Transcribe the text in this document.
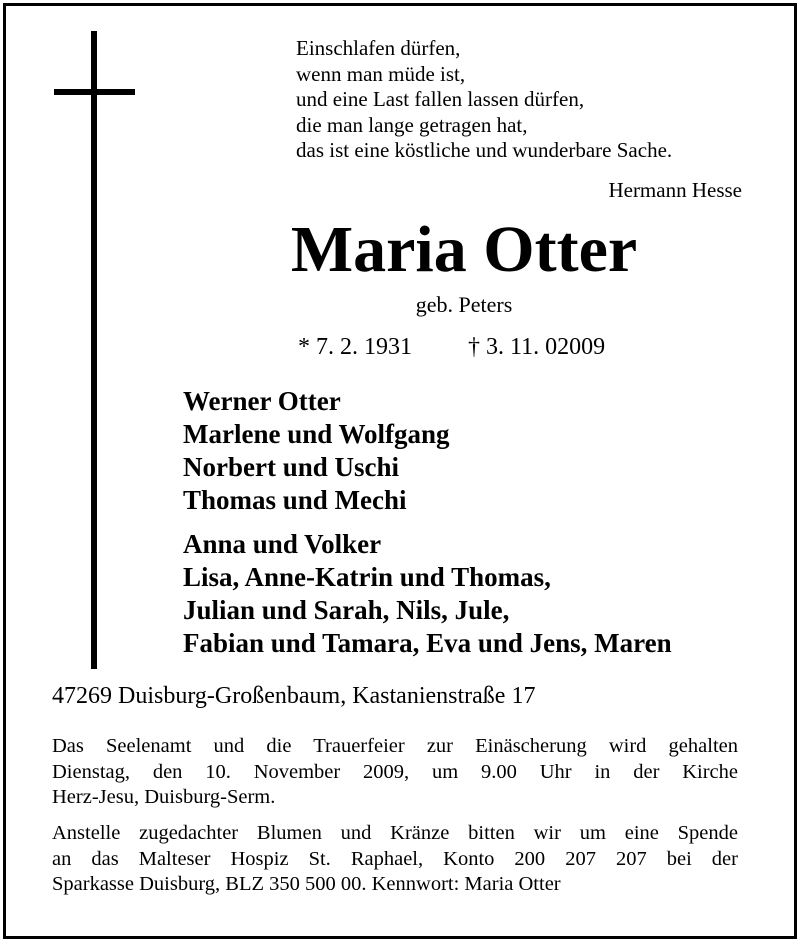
Einschlafen dürfen,
wenn man müde ist,
und eine Last fallen lassen dürfen,
die man lange getragen hat,
das ist eine köstliche und wunderbare Sache.
Hermann Hesse
Maria Otter
geb. Peters
* 7. 2. 1931 † 3. 11. 02009
Werner Otter
Marlene und Wolfgang
Norbert und Uschi
Thomas und Mechi
Anna und Volker
Lisa, Anne-Katrin und Thomas,
Julian und Sarah, Nils, Jule,
Fabian und Tamara, Eva und Jens, Maren
47269 Duisburg-Großenbaum, Kastanienstraße 17
Das Seelenamt und die Trauerfeier zur Einäscherung wird gehalten
Dienstag, den 10. November 2009, um 9.00 Uhr in der Kirche
Herz-Jesu, Duisburg-Serm.
Anstelle zugedachter Blumen und Kränze bitten wir um eine Spende
an das Malteser Hospiz St. Raphael, Konto 200 207 207 bei der
Sparkasse Duisburg, BLZ 350 500 00. Kennwort: Maria Otter
